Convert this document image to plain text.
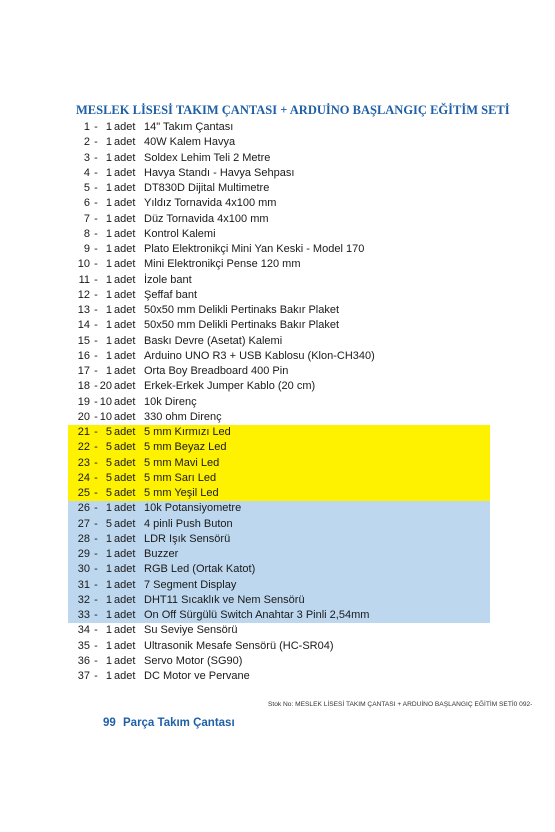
MESLEK LİSESİ TAKIM ÇANTASI + ARDUİNO BAŞLANGIÇ EĞİTİM SETİ
1 - 1 adet 14" Takım Çantası
2 - 1 adet 40W Kalem Havya
3 - 1 adet Soldex Lehim Teli 2 Metre
4 - 1 adet Havya Standı - Havya Sehpası
5 - 1 adet DT830D Dijital Multimetre
6 - 1 adet Yıldız Tornavida 4x100 mm
7 - 1 adet Düz Tornavida 4x100 mm
8 - 1 adet Kontrol Kalemi
9 - 1 adet Plato Elektronikçi Mini Yan Keski - Model 170
10 - 1 adet Mini Elektronikçi Pense 120 mm
11 - 1 adet İzole bant
12 - 1 adet Şeffaf bant
13 - 1 adet 50x50 mm Delikli Pertinaks Bakır Plaket
14 - 1 adet 50x50 mm Delikli Pertinaks Bakır Plaket
15 - 1 adet Baskı Devre (Asetat) Kalemi
16 - 1 adet Arduino UNO R3 + USB Kablosu (Klon-CH340)
17 - 1 adet Orta Boy Breadboard 400 Pin
18 - 20 adet Erkek-Erkek Jumper Kablo (20 cm)
19 - 10 adet 10k Direnç
20 - 10 adet 330 ohm Direnç
21 - 5 adet 5 mm Kırmızı Led
22 - 5 adet 5 mm Beyaz Led
23 - 5 adet 5 mm Mavi Led
24 - 5 adet 5 mm Sarı Led
25 - 5 adet 5 mm Yeşil Led
26 - 1 adet 10k Potansiyometre
27 - 5 adet 4 pinli Push Buton
28 - 1 adet LDR Işık Sensörü
29 - 1 adet Buzzer
30 - 1 adet RGB Led (Ortak Katot)
31 - 1 adet 7 Segment Display
32 - 1 adet DHT11 Sıcaklık ve Nem Sensörü
33 - 1 adet On Off Sürgülü Switch Anahtar 3 Pinli 2,54mm
34 - 1 adet Su Seviye Sensörü
35 - 1 adet Ultrasonik Mesafe Sensörü (HC-SR04)
36 - 1 adet Servo Motor (SG90)
37 - 1 adet DC Motor ve Pervane
Stok No: MESLEK LİSESİ TAKIM ÇANTASI + ARDUİNO BAŞLANGIÇ EĞİTİM SETİ0 092-
99 Parça Takım Çantası
